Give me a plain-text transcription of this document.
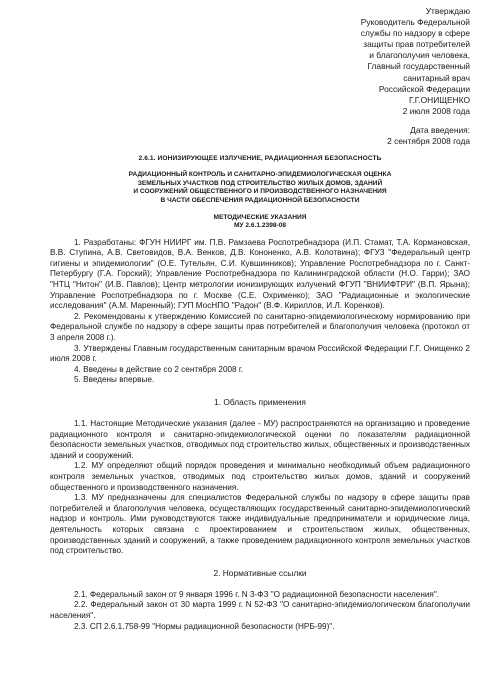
Утверждаю
Руководитель Федеральной
службы по надзору в сфере
защиты прав потребителей
и благополучия человека,
Главный государственный
санитарный врач
Российской Федерации
Г.Г.ОНИЩЕНКО
2 июля 2008 года
Дата введения:
2 сентября 2008 года
2.6.1. ИОНИЗИРУЮЩЕЕ ИЗЛУЧЕНИЕ, РАДИАЦИОННАЯ БЕЗОПАСНОСТЬ
РАДИАЦИОННЫЙ КОНТРОЛЬ И САНИТАРНО-ЭПИДЕМИОЛОГИЧЕСКАЯ ОЦЕНКА
ЗЕМЕЛЬНЫХ УЧАСТКОВ ПОД СТРОИТЕЛЬСТВО ЖИЛЫХ ДОМОВ, ЗДАНИЙ
И СООРУЖЕНИЙ ОБЩЕСТВЕННОГО И ПРОИЗВОДСТВЕННОГО НАЗНАЧЕНИЯ
В ЧАСТИ ОБЕСПЕЧЕНИЯ РАДИАЦИОННОЙ БЕЗОПАСНОСТИ
МЕТОДИЧЕСКИЕ УКАЗАНИЯ
МУ 2.6.1.2398-08

1. Разработаны: ФГУН НИИРГ им. П.В. Рамзаева Роспотребнадзора (И.П. Стамат, Т.А. Кормановская, В.В. Ступина, А.В. Световидов, В.А. Венков, Д.В. Кононенко, А.В. Колотвина); ФГУЗ "Федеральный центр гигиены и эпидемиологии" (О.Е. Тутельян, С.И. Кувшинников); Управление Роспотребнадзора по г. Санкт-Петербургу (Г.А. Горский); Управление Роспотребнадзора по Калининградской области (Н.О. Гарри); ЗАО "НТЦ "Нитон" (И.В. Павлов); Центр метрологии ионизирующих излучений ФГУП "ВНИИФТРИ" (В.П. Ярына); Управление Роспотребнадзора по г. Москве (С.Е. Охрименко); ЗАО "Радиационные и экологические исследования" (А.М. Маренный); ГУП МосНПО "Радон" (В.Ф. Кириллов, И.Л. Коренков).

2. Рекомендованы к утверждению Комиссией по санитарно-эпидемиологическому нормированию при Федеральной службе по надзору в сфере защиты прав потребителей и благополучия человека (протокол от 3 апреля 2008 г.).

3. Утверждены Главным государственным санитарным врачом Российской Федерации Г.Г. Онищенко 2 июля 2008 г.

4. Введены в действие со 2 сентября 2008 г.

5. Введены впервые.

1. Область применения

1.1. Настоящие Методические указания (далее - МУ) распространяются на организацию и проведение радиационного контроля и санитарно-эпидемиологической оценки по показателям радиационной безопасности земельных участков, отводимых под строительство жилых, общественных и производственных зданий и сооружений.

1.2. МУ определяют общий порядок проведения и минимально необходимый объем радиационного контроля земельных участков, отводимых под строительство жилых домов, зданий и сооружений общественного и производственного назначения.

1.3. МУ предназначены для специалистов Федеральной службы по надзору в сфере защиты прав потребителей и благополучия человека, осуществляющих государственный санитарно-эпидемиологический надзор и контроль. Ими руководствуются также индивидуальные предприниматели и юридические лица, деятельность которых связана с проектированием и строительством жилых, общественных, производственных зданий и сооружений, а также проведением радиационного контроля земельных участков под строительство.

2. Нормативные ссылки

2.1. Федеральный закон от 9 января 1996 г. N 3-ФЗ "О радиационной безопасности населения".

2.2. Федеральный закон от 30 марта 1999 г. N 52-ФЗ "О санитарно-эпидемиологическом благополучии населения".

2.3. СП 2.6.1.758-99 "Нормы радиационной безопасности (НРБ-99)".
